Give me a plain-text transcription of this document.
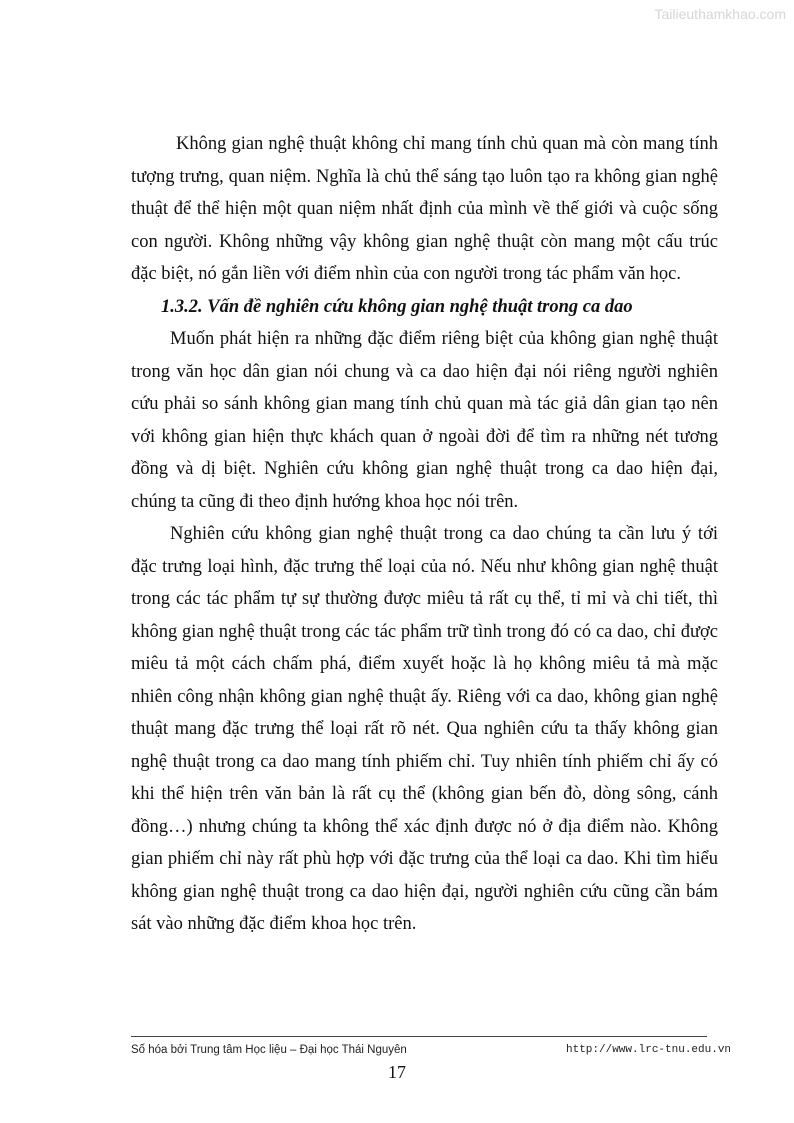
Tailieuthamkhao.com

Không gian nghệ thuật không chỉ mang tính chủ quan mà còn mang tính tượng trưng, quan niệm. Nghĩa là chủ thể sáng tạo luôn tạo ra không gian nghệ thuật để thể hiện một quan niệm nhất định của mình về thế giới và cuộc sống con người. Không những vậy không gian nghệ thuật còn mang một cấu trúc đặc biệt, nó gắn liền với điểm nhìn của con người trong tác phẩm văn học.

1.3.2. Vấn đề nghiên cứu không gian nghệ thuật trong ca dao

Muốn phát hiện ra những đặc điểm riêng biệt của không gian nghệ thuật trong văn học dân gian nói chung và ca dao hiện đại nói riêng người nghiên cứu phải so sánh không gian mang tính chủ quan mà tác giả dân gian tạo nên với không gian hiện thực khách quan ở ngoài đời để tìm ra những nét tương đồng và dị biệt. Nghiên cứu không gian nghệ thuật trong ca dao hiện đại, chúng ta cũng đi theo định hướng khoa học nói trên.

Nghiên cứu không gian nghệ thuật trong ca dao chúng ta cần lưu ý tới đặc trưng loại hình, đặc trưng thể loại của nó. Nếu như không gian nghệ thuật trong các tác phẩm tự sự thường được miêu tả rất cụ thể, tỉ mỉ và chi tiết, thì không gian nghệ thuật trong các tác phẩm trữ tình trong đó có ca dao, chỉ được miêu tả một cách chấm phá, điểm xuyết hoặc là họ không miêu tả mà mặc nhiên công nhận không gian nghệ thuật ấy. Riêng với ca dao, không gian nghệ thuật mang đặc trưng thể loại rất rõ nét. Qua nghiên cứu ta thấy không gian nghệ thuật trong ca dao mang tính phiếm chỉ. Tuy nhiên tính phiếm chỉ ấy có khi thể hiện trên văn bản là rất cụ thể (không gian bến đò, dòng sông, cánh đồng…) nhưng chúng ta không thể xác định được nó ở địa điểm nào. Không gian phiếm chỉ này rất phù hợp với đặc trưng của thể loại ca dao. Khi tìm hiểu không gian nghệ thuật trong ca dao hiện đại, người nghiên cứu cũng cần bám sát vào những đặc điểm khoa học trên.

Số hóa bởi Trung tâm Học liệu – Đại học Thái Nguyên	http://www.lrc-tnu.edu.vn
17
